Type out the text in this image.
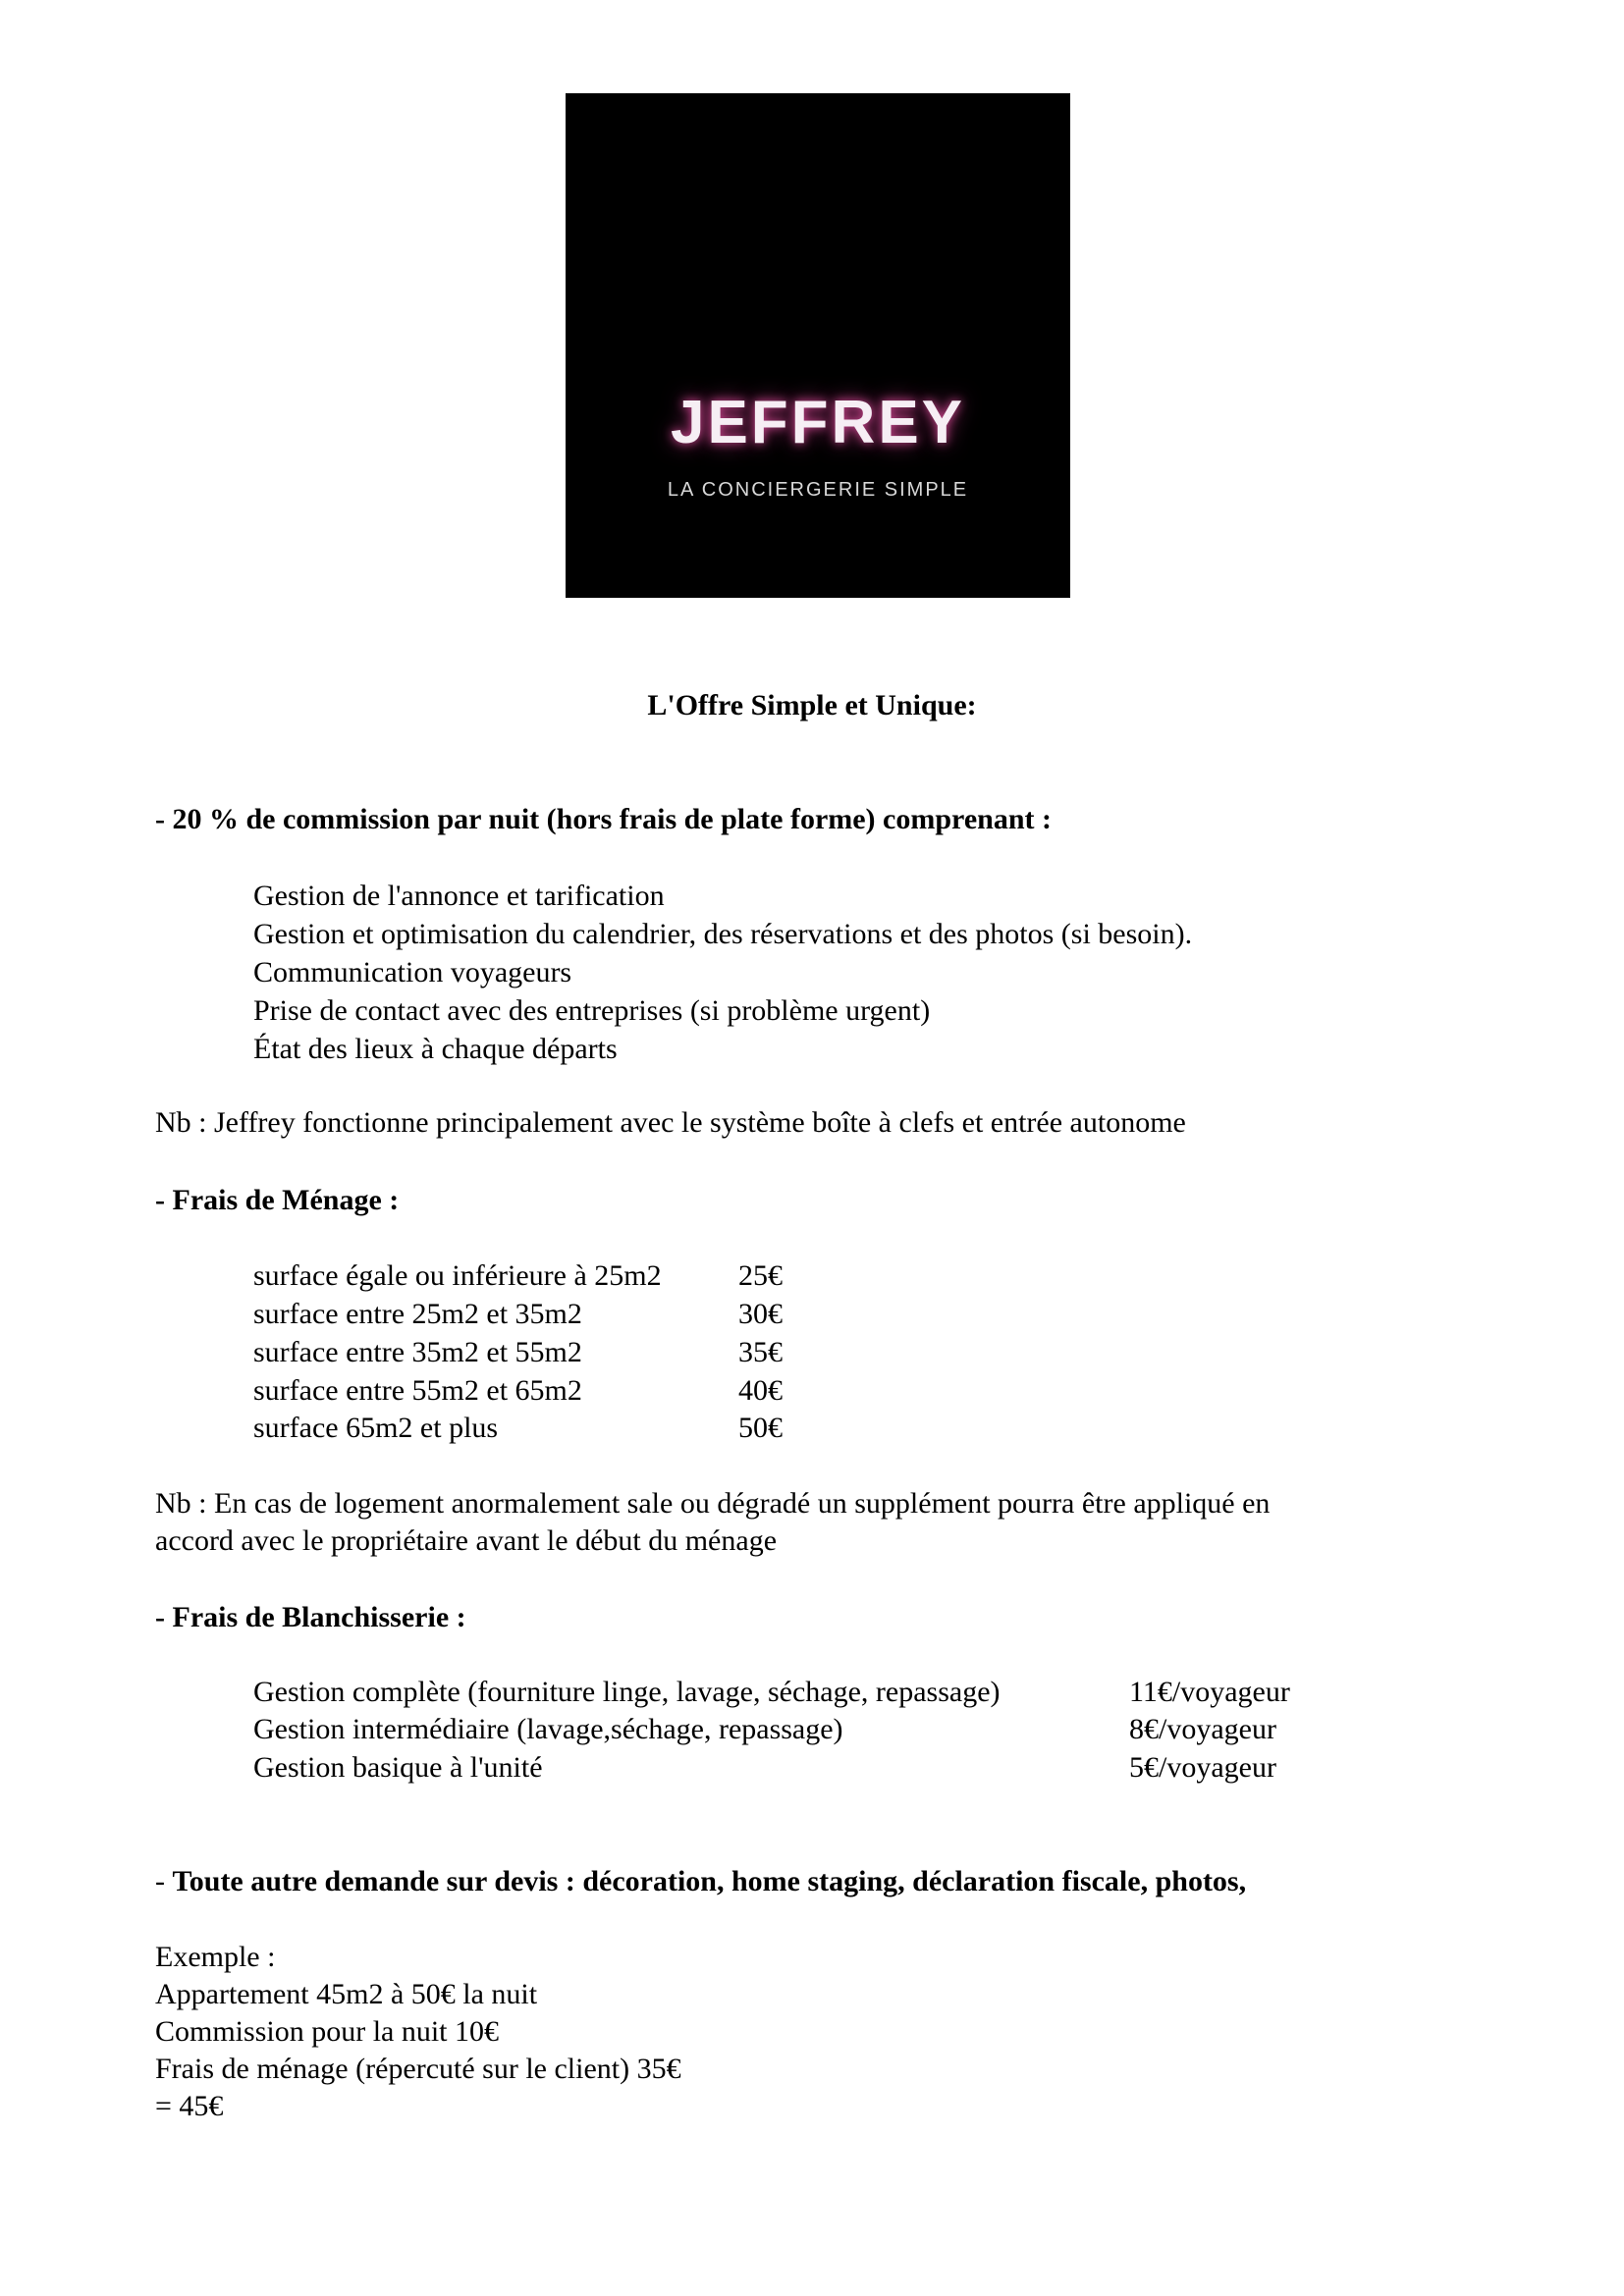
JEFFREY
LA CONCIERGERIE SIMPLE
L'Offre Simple et Unique:
- 20 % de commission par nuit (hors frais de plate forme) comprenant :
Gestion de l'annonce et tarification
Gestion et optimisation du calendrier, des réservations et des photos (si besoin).
Communication voyageurs
Prise de contact avec des entreprises (si problème urgent)
État des lieux à chaque départs
Nb : Jeffrey fonctionne principalement avec le système boîte à clefs et entrée autonome
- Frais de Ménage :
surface égale ou inférieure à 25m2	25€
surface entre 25m2 et 35m2	30€
surface entre 35m2 et 55m2	35€
surface entre 55m2 et 65m2	40€
surface 65m2 et plus	50€
Nb : En cas de logement anormalement sale ou dégradé un supplément pourra être appliqué en
accord avec le propriétaire avant le début du ménage
- Frais de Blanchisserie :
Gestion complète (fourniture linge, lavage, séchage, repassage)	11€/voyageur
Gestion intermédiaire (lavage,séchage, repassage)	8€/voyageur
Gestion basique à l'unité	5€/voyageur
- Toute autre demande sur devis : décoration, home staging, déclaration fiscale, photos,
Exemple :
Appartement 45m2 à 50€ la nuit
Commission pour la nuit 10€
Frais de ménage (répercuté sur le client) 35€
= 45€
